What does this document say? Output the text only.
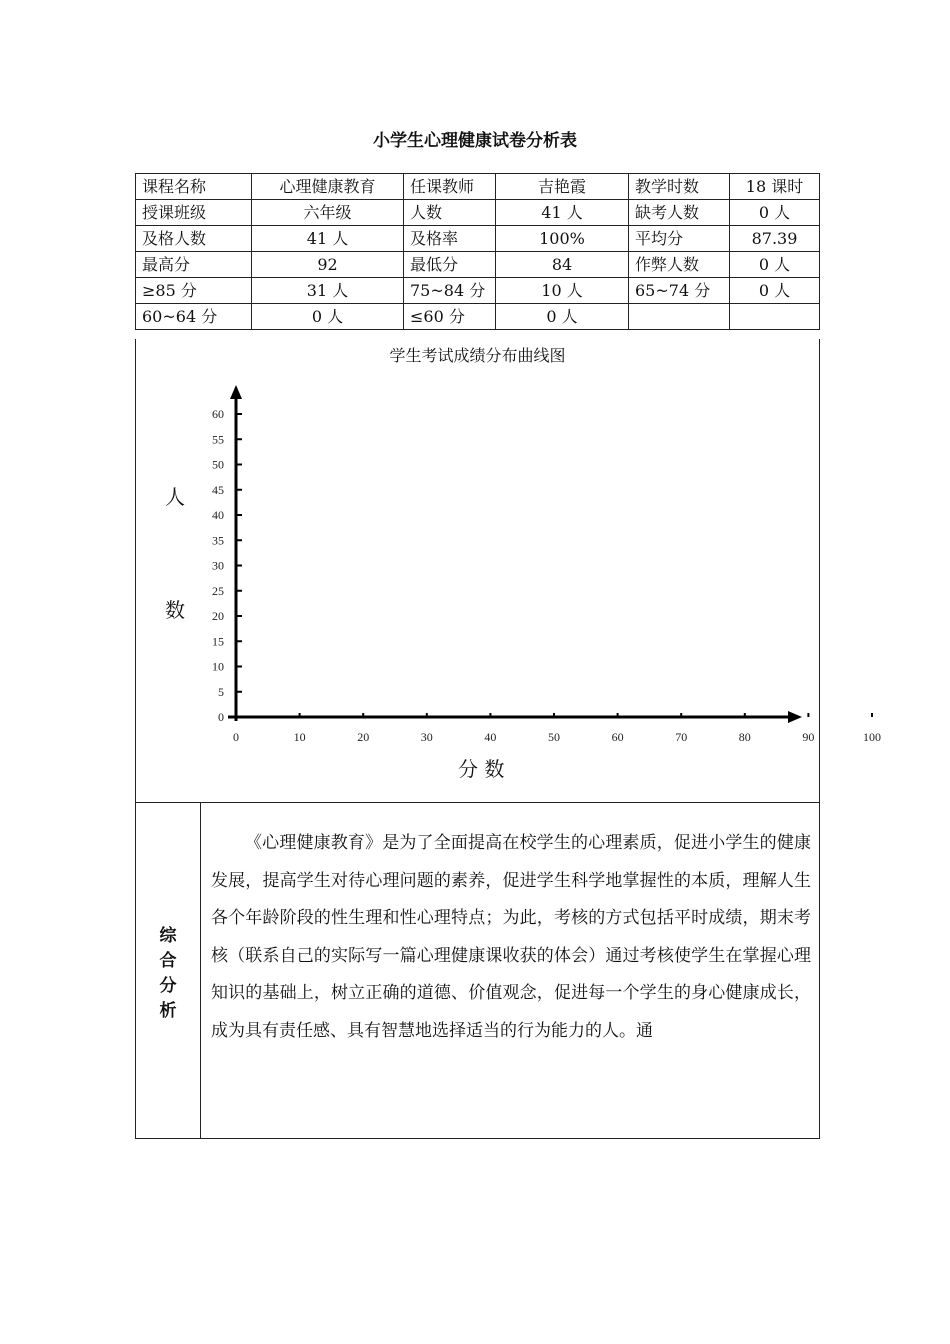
小学生心理健康试卷分析表
课程名称	心理健康教育	任课教师	吉艳霞	教学时数	18 课时
授课班级	六年级	人数	41 人	缺考人数	0 人
及格人数	41 人	及格率	100%	平均分	87.39
最高分	92	最低分	84	作弊人数	0 人
≥85 分	31 人	75~84 分	10 人	65~74 分	0 人
60~64 分	0 人	≤60 分	0 人		
学生考试成绩分布曲线图
人
数
分 数
0
5
10
15
20
25
30
35
40
45
50
55
60
0	10	20	30	40	50	60	70	80	90	100
综
合
分
析
《心理健康教育》是为了全面提高在校学生的心理素质，促进小学生的健康发展，提高学生对待心理问题的素养，促进学生科学地掌握性的本质，理解人生各个年龄阶段的性生理和性心理特点；为此，考核的方式包括平时成绩，期末考核（联系自己的实际写一篇心理健康课收获的体会）通过考核使学生在掌握心理知识的基础上，树立正确的道德、价值观念，促进每一个学生的身心健康成长，成为具有责任感、具有智慧地选择适当的行为能力的人。通
